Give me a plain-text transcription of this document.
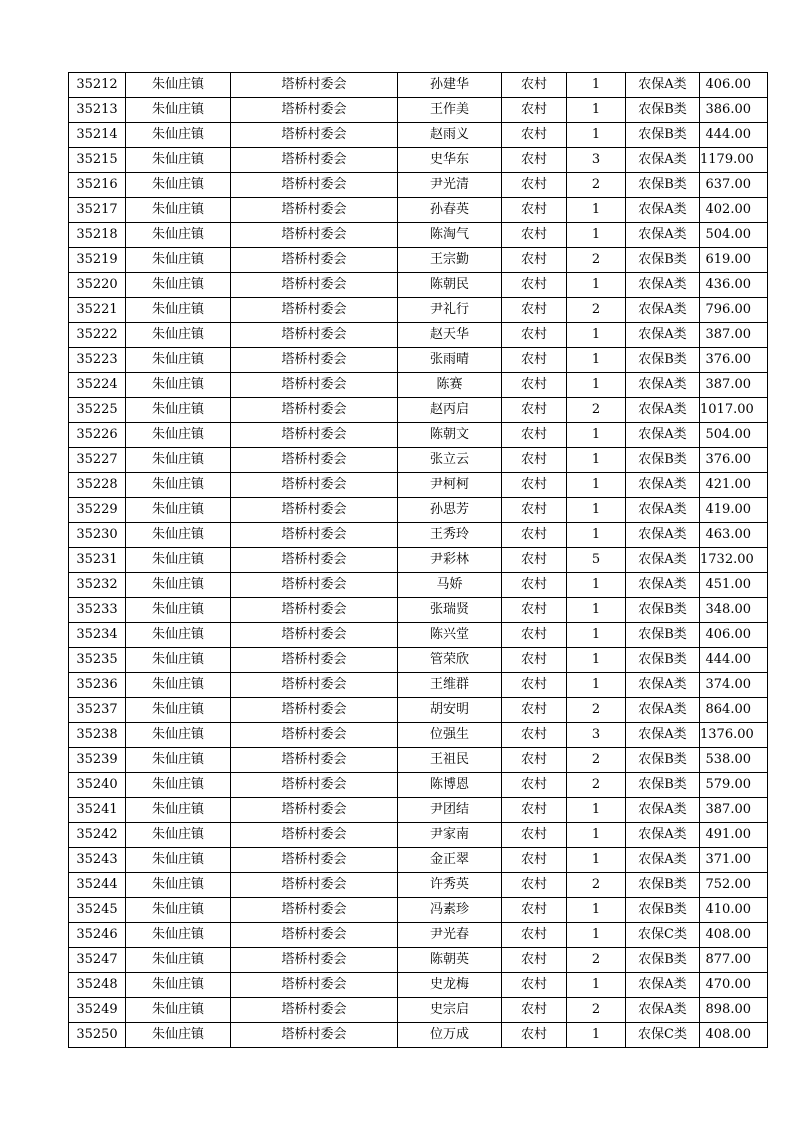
35212	朱仙庄镇	塔桥村委会	孙建华	农村	1	农保A类	406.00
35213	朱仙庄镇	塔桥村委会	王作美	农村	1	农保B类	386.00
35214	朱仙庄镇	塔桥村委会	赵雨义	农村	1	农保B类	444.00
35215	朱仙庄镇	塔桥村委会	史华东	农村	3	农保A类	1179.00
35216	朱仙庄镇	塔桥村委会	尹光清	农村	2	农保B类	637.00
35217	朱仙庄镇	塔桥村委会	孙春英	农村	1	农保A类	402.00
35218	朱仙庄镇	塔桥村委会	陈淘气	农村	1	农保A类	504.00
35219	朱仙庄镇	塔桥村委会	王宗勤	农村	2	农保B类	619.00
35220	朱仙庄镇	塔桥村委会	陈朝民	农村	1	农保A类	436.00
35221	朱仙庄镇	塔桥村委会	尹礼行	农村	2	农保A类	796.00
35222	朱仙庄镇	塔桥村委会	赵天华	农村	1	农保A类	387.00
35223	朱仙庄镇	塔桥村委会	张雨晴	农村	1	农保B类	376.00
35224	朱仙庄镇	塔桥村委会	陈赛	农村	1	农保A类	387.00
35225	朱仙庄镇	塔桥村委会	赵丙启	农村	2	农保A类	1017.00
35226	朱仙庄镇	塔桥村委会	陈朝文	农村	1	农保A类	504.00
35227	朱仙庄镇	塔桥村委会	张立云	农村	1	农保B类	376.00
35228	朱仙庄镇	塔桥村委会	尹柯柯	农村	1	农保A类	421.00
35229	朱仙庄镇	塔桥村委会	孙思芳	农村	1	农保A类	419.00
35230	朱仙庄镇	塔桥村委会	王秀玲	农村	1	农保A类	463.00
35231	朱仙庄镇	塔桥村委会	尹彩林	农村	5	农保A类	1732.00
35232	朱仙庄镇	塔桥村委会	马娇	农村	1	农保A类	451.00
35233	朱仙庄镇	塔桥村委会	张瑞贤	农村	1	农保B类	348.00
35234	朱仙庄镇	塔桥村委会	陈兴堂	农村	1	农保B类	406.00
35235	朱仙庄镇	塔桥村委会	管荣欣	农村	1	农保B类	444.00
35236	朱仙庄镇	塔桥村委会	王维群	农村	1	农保A类	374.00
35237	朱仙庄镇	塔桥村委会	胡安明	农村	2	农保A类	864.00
35238	朱仙庄镇	塔桥村委会	位强生	农村	3	农保A类	1376.00
35239	朱仙庄镇	塔桥村委会	王祖民	农村	2	农保B类	538.00
35240	朱仙庄镇	塔桥村委会	陈博恩	农村	2	农保B类	579.00
35241	朱仙庄镇	塔桥村委会	尹团结	农村	1	农保A类	387.00
35242	朱仙庄镇	塔桥村委会	尹家南	农村	1	农保A类	491.00
35243	朱仙庄镇	塔桥村委会	金正翠	农村	1	农保A类	371.00
35244	朱仙庄镇	塔桥村委会	许秀英	农村	2	农保B类	752.00
35245	朱仙庄镇	塔桥村委会	冯素珍	农村	1	农保B类	410.00
35246	朱仙庄镇	塔桥村委会	尹光春	农村	1	农保C类	408.00
35247	朱仙庄镇	塔桥村委会	陈朝英	农村	2	农保B类	877.00
35248	朱仙庄镇	塔桥村委会	史龙梅	农村	1	农保A类	470.00
35249	朱仙庄镇	塔桥村委会	史宗启	农村	2	农保A类	898.00
35250	朱仙庄镇	塔桥村委会	位万成	农村	1	农保C类	408.00
